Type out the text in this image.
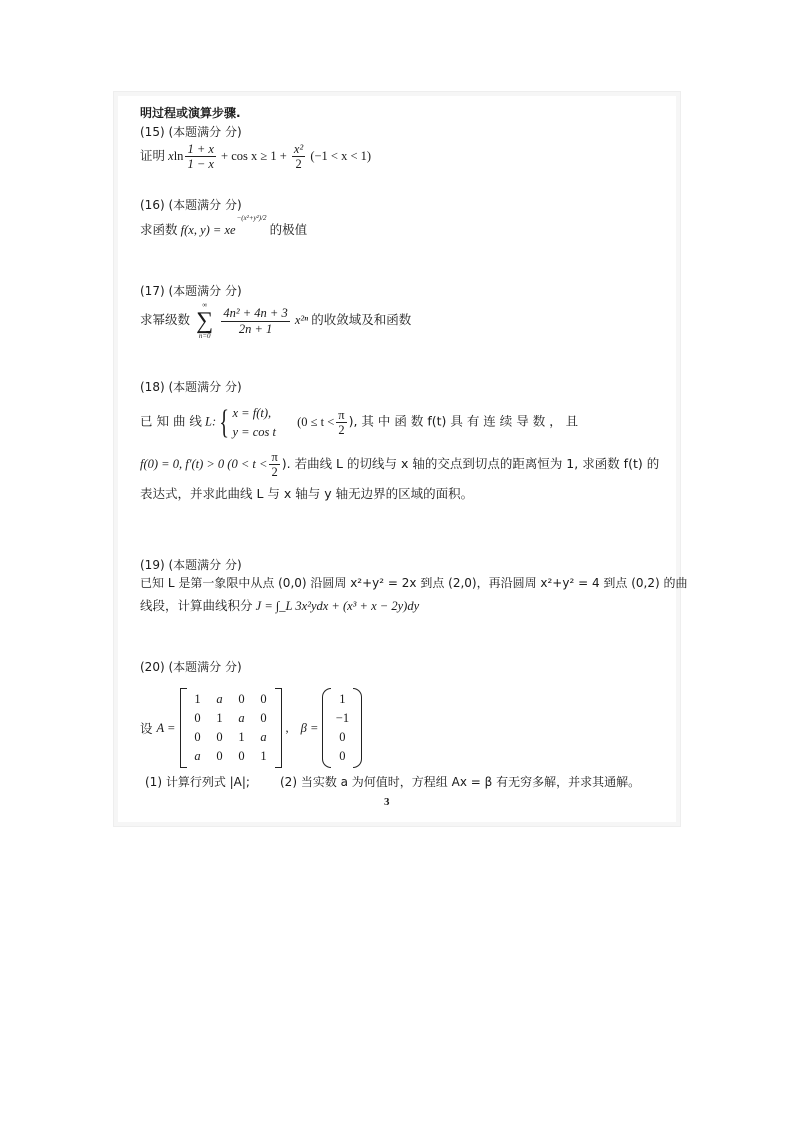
明过程或演算步骤.
(15) (本题满分 分)
证明 xln $\frac{1 + x}{1 - x} + \cos x \ge 1 + \frac{\text{x²}}{2} (-1 < x < 1)$
(16) (本题满分 分)
求函数 f(x, $y) = xe^{-(x^2+y^2)/2}$ 的极值
(17) (本题满分 分)
求幂级数
∞
∑
n=0

$\frac{\text{4n² + 4n + 3}}{2n + 1} x^{2n}$ 的收敛域及和函数
(18) (本题满分 分)
已 知 曲 线 L:{ x = f(t),
y = cos t
($0 \le t < \frac{\pi}{2}$ ), 其 中 函 数 f(t) 具 有 连 续 导 数 ， 且
f(0) = 0, f′(t) > 0 ($0 < t < \frac{\pi}{2}$ ). 若曲线 L 的切线与 x 轴的交点到切点的距离恒为 1, 求函数 f(t) 的
表达式，并求此曲线 L 与 x 轴与 y 轴无边界的区域的面积。
(19) (本题满分 分)
已知 L 是第一象限中从点 (0,0) 沿圆周 x²+y² = 2x 到点 (2,0)，再沿圆周 x²+y² = 4 到点 (0,2) 的曲
线段，计算曲线积分 J = ∫_L 3x²ydx + (x³ + x − 2y)dy
(20) (本题满分 分)
设 A =
1	a	0	0
0	1	a	0
0	0	1	a
a	0	0	1
, β =
1
−1
0
0
(1) 计算行列式 |A|;	(2) 当实数 a 为何值时，方程组 Ax = β 有无穷多解，并求其通解。
3
